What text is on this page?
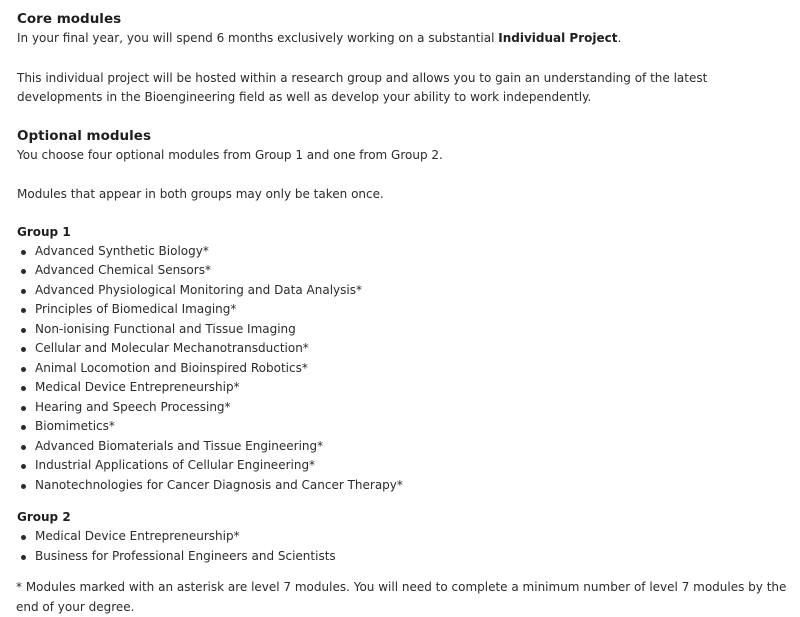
Core modules

In your final year, you will spend 6 months exclusively working on a substantial Individual Project.

This individual project will be hosted within a research group and allows you to gain an understanding of the latest developments in the Bioengineering field as well as develop your ability to work independently.

Optional modules

You choose four optional modules from Group 1 and one from Group 2.

Modules that appear in both groups may only be taken once.

Group 1
Advanced Synthetic Biology*
Advanced Chemical Sensors*
Advanced Physiological Monitoring and Data Analysis*
Principles of Biomedical Imaging*
Non-ionising Functional and Tissue Imaging
Cellular and Molecular Mechanotransduction*
Animal Locomotion and Bioinspired Robotics*
Medical Device Entrepreneurship*
Hearing and Speech Processing*
Biomimetics*
Advanced Biomaterials and Tissue Engineering*
Industrial Applications of Cellular Engineering*
Nanotechnologies for Cancer Diagnosis and Cancer Therapy*
Group 2
Medical Device Entrepreneurship*
Business for Professional Engineers and Scientists

* Modules marked with an asterisk are level 7 modules. You will need to complete a minimum number of level 7 modules by the end of your degree.
